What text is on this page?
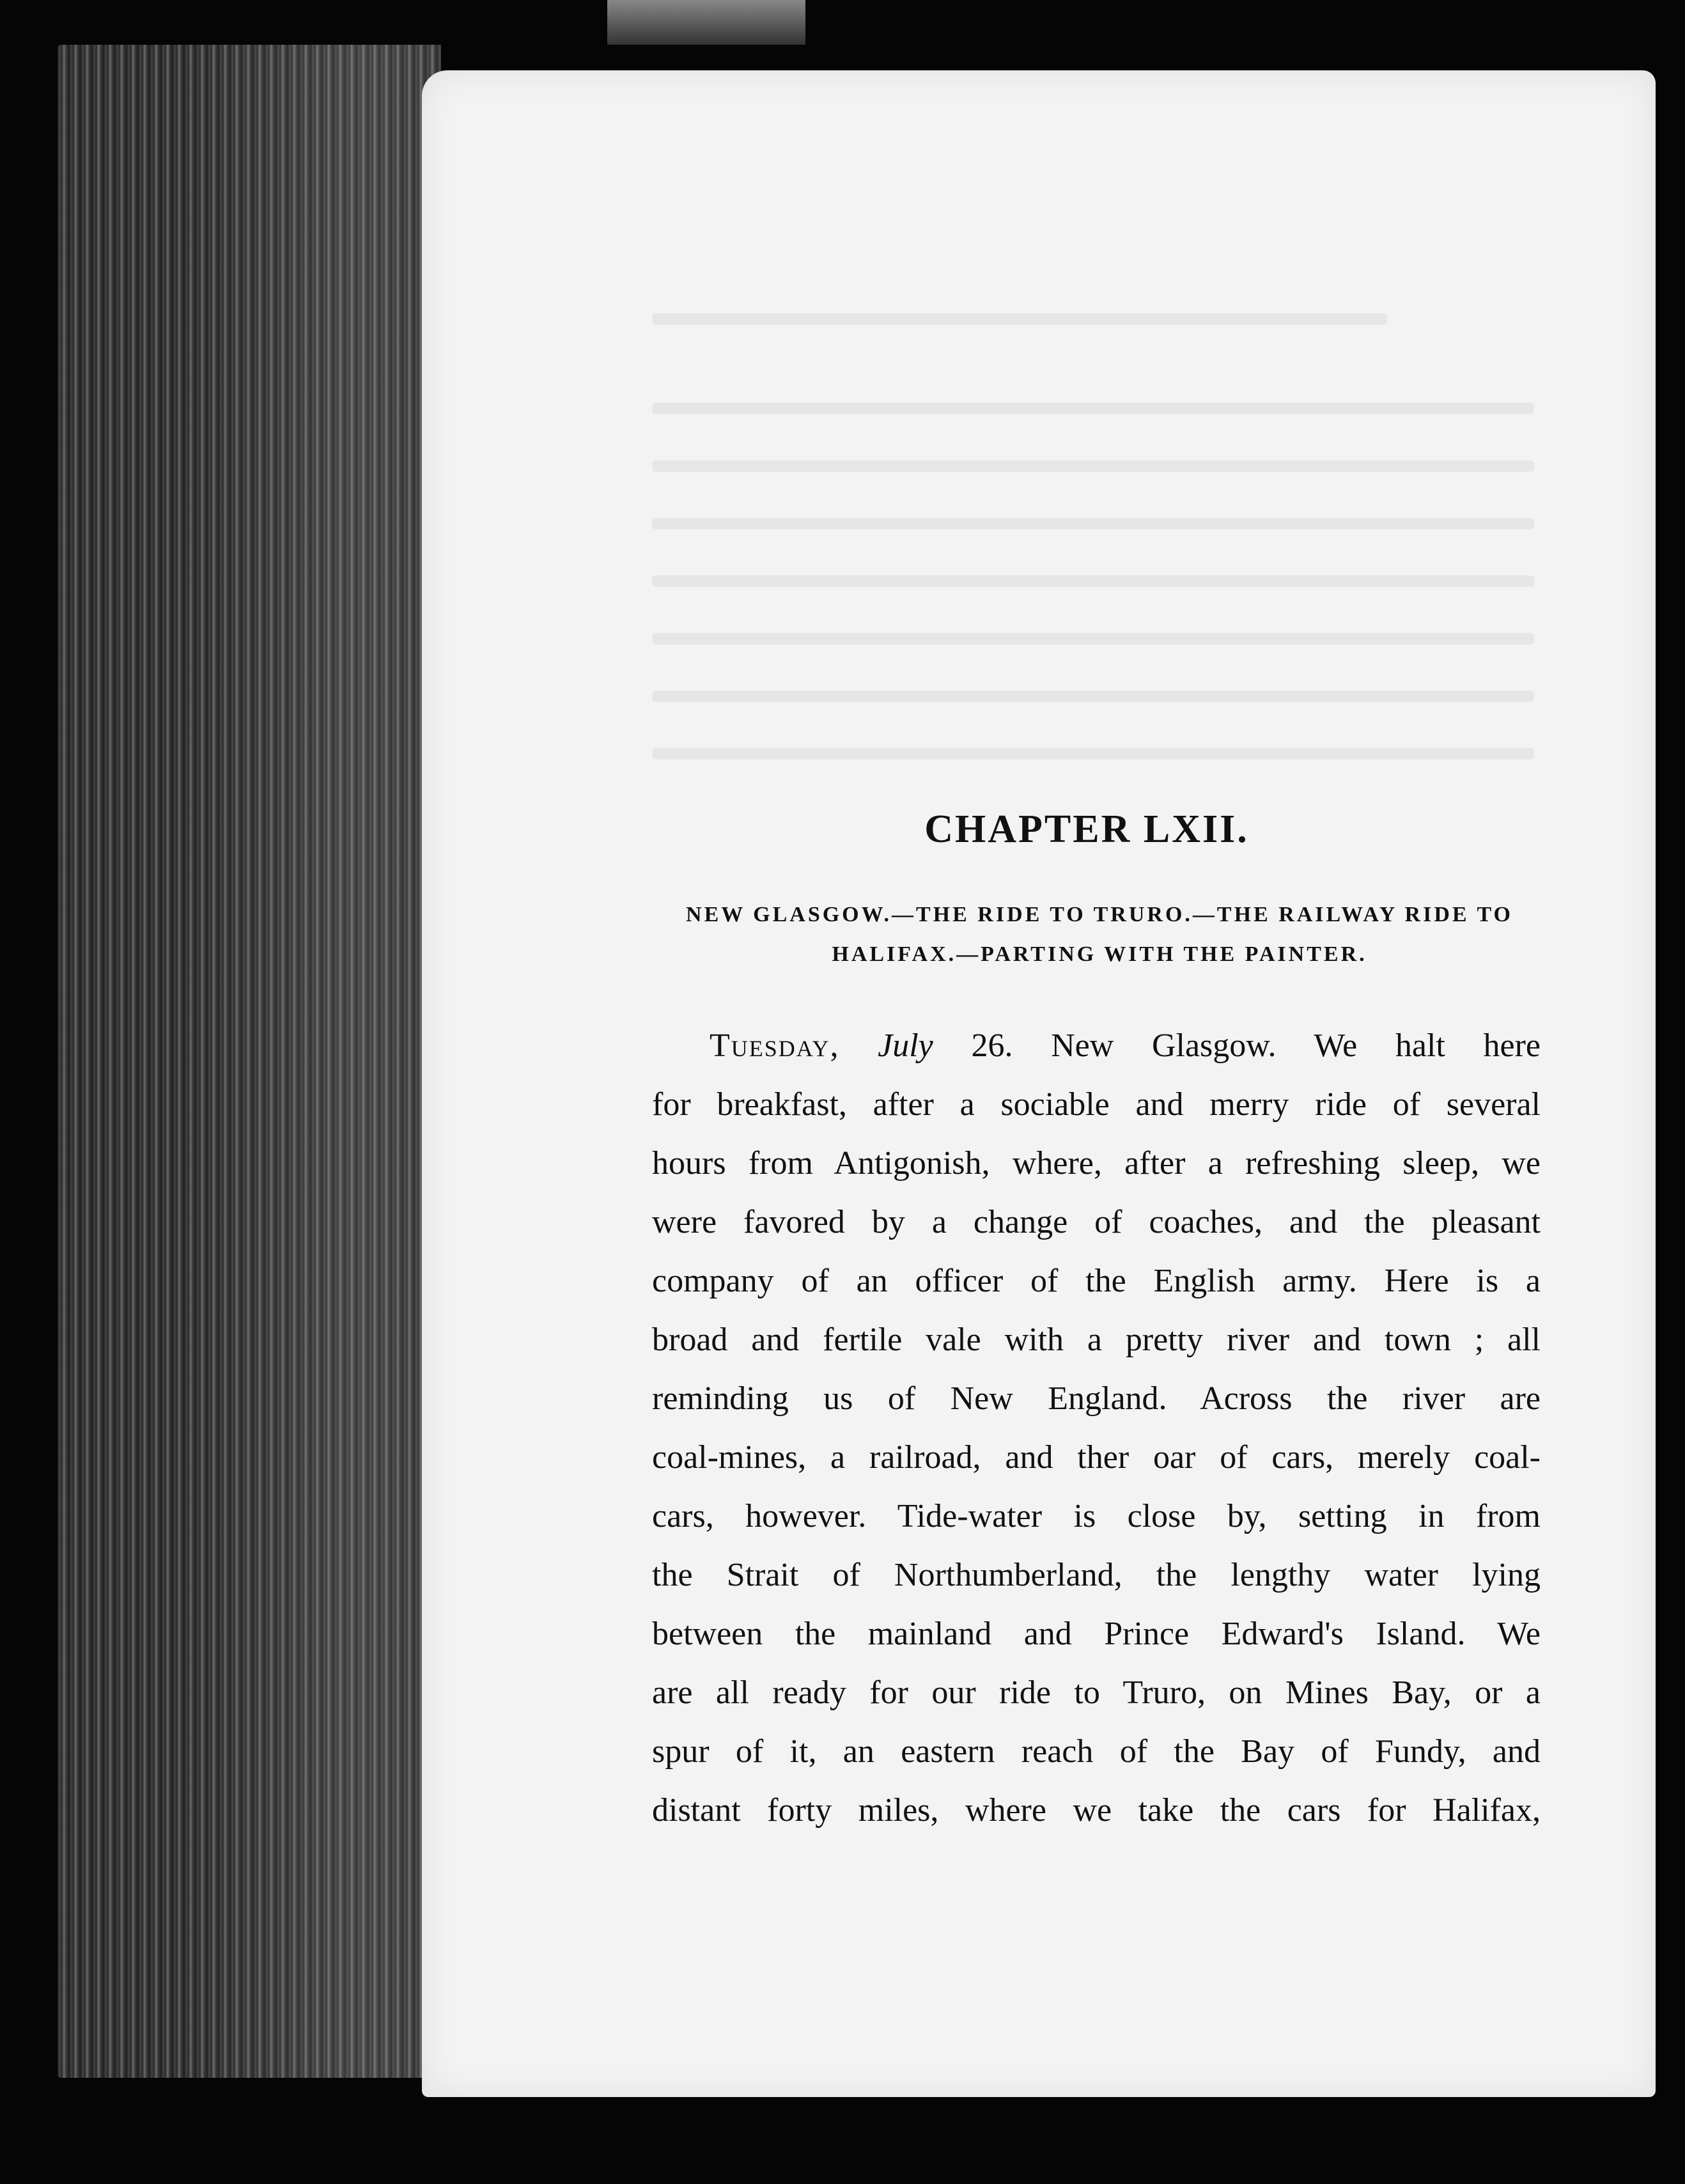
CHAPTER LXII.

NEW GLASGOW.—THE RIDE TO TRURO.—THE RAILWAY RIDE TO
HALIFAX.—PARTING WITH THE PAINTER.

Tuesday, July 26. New Glasgow. We halt here
for breakfast, after a sociable and merry ride of several
hours from Antigonish, where, after a refreshing sleep, we
were favored by a change of coaches, and the pleasant
company of an officer of the English army. Here is a
broad and fertile vale with a pretty river and town ; all
reminding us of New England. Across the river are
coal-mines, a railroad, and ther oar of cars, merely coal-
cars, however. Tide-water is close by, setting in from
the Strait of Northumberland, the lengthy water lying
between the mainland and Prince Edward's Island. We
are all ready for our ride to Truro, on Mines Bay, or a
spur of it, an eastern reach of the Bay of Fundy, and
distant forty miles, where we take the cars for Halifax,
